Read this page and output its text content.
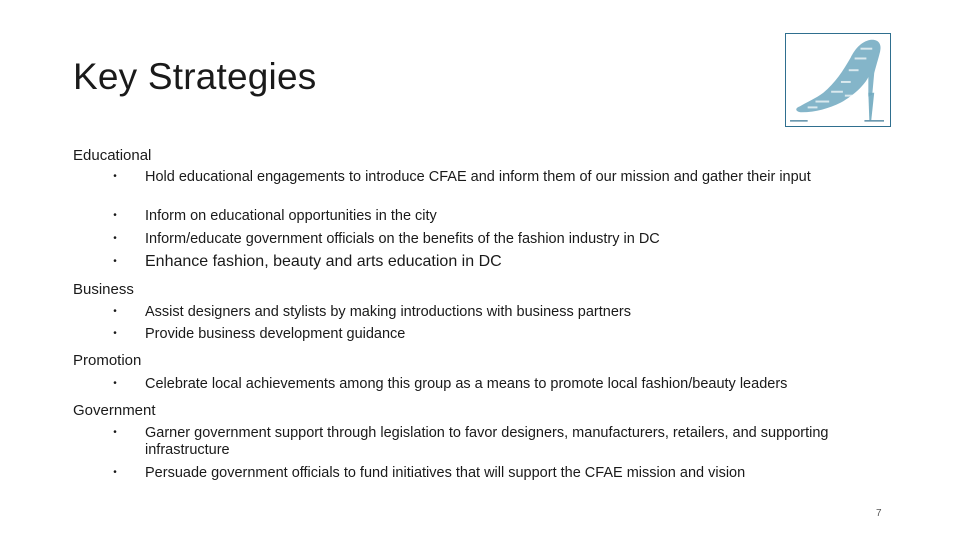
Key Strategies
Educational
• Hold educational engagements to introduce CFAE and inform them of our mission and gather their input
• Inform on educational opportunities in the city
• Inform/educate government officials on the benefits of the fashion industry in DC
• Enhance fashion, beauty and arts education in DC
Business
• Assist designers and stylists by making introductions with business partners
• Provide business development guidance
Promotion
• Celebrate local achievements among this group as a means to promote local fashion/beauty leaders
Government
• Garner government support through legislation to favor designers, manufacturers, retailers, and supporting infrastructure
• Persuade government officials to fund initiatives that will support the CFAE mission and vision
7
